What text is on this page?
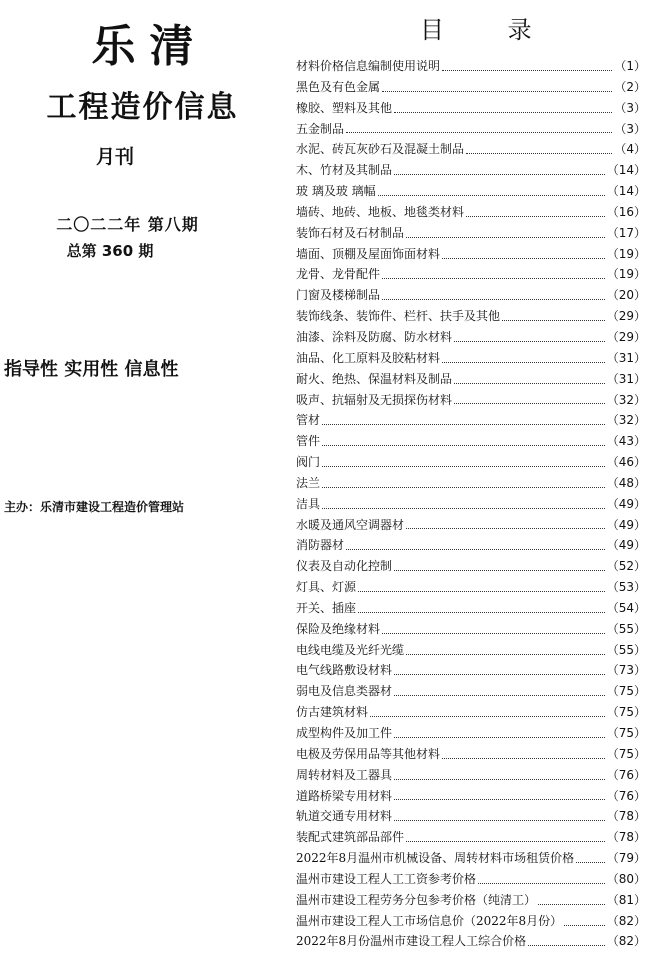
乐清
工程造价信息
月刊
二〇二二年 第八期
总第 360 期
指导性 实用性 信息性
主办：乐清市建设工程造价管理站
目 录
材料价格信息编制使用说明	（1）
黑色及有色金属	（2）
橡胶、塑料及其他	（3）
五金制品	（3）
水泥、砖瓦灰砂石及混凝土制品	（4）
木、竹材及其制品	（14）
玻 璃及玻 璃幅	（14）
墙砖、地砖、地板、地毯类材料	（16）
装饰石材及石材制品	（17）
墙面、顶棚及屋面饰面材料	（19）
龙骨、龙骨配件	（19）
门窗及楼梯制品	（20）
装饰线条、装饰件、栏杆、扶手及其他	（29）
油漆、涂料及防腐、防水材料	（29）
油品、化工原料及胶粘材料	（31）
耐火、绝热、保温材料及制品	（31）
吸声、抗辐射及无损探伤材料	（32）
管材	（32）
管件	（43）
阀门	（46）
法兰	（48）
洁具	（49）
水暖及通风空调器材	（49）
消防器材	（49）
仪表及自动化控制	（52）
灯具、灯源	（53）
开关、插座	（54）
保险及绝缘材料	（55）
电线电缆及光纤光缆	（55）
电气线路敷设材料	（73）
弱电及信息类器材	（75）
仿古建筑材料	（75）
成型构件及加工件	（75）
电极及劳保用品等其他材料	（75）
周转材料及工器具	（76）
道路桥梁专用材料	（76）
轨道交通专用材料	（78）
装配式建筑部品部件	（78）
2022年8月温州市机械设备、周转材料市场租赁价格	（79）
温州市建设工程人工工资参考价格	（80）
温州市建设工程劳务分包参考价格（纯清工）	（81）
温州市建设工程人工市场信息价（2022年8月份）	（82）
2022年8月份温州市建设工程人工综合价格	（82）
